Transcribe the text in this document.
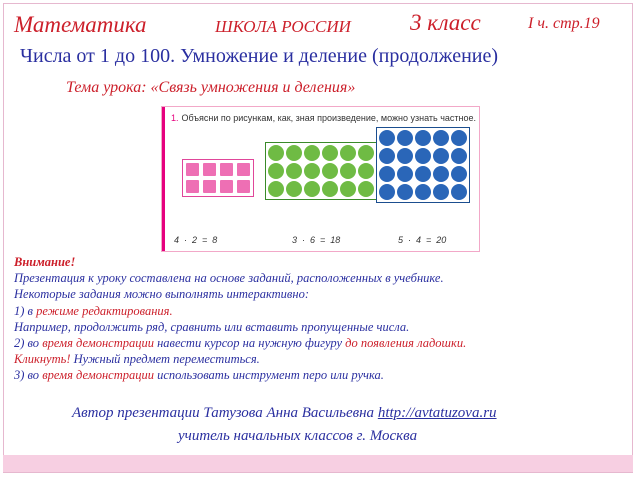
Математика	ШКОЛА РОССИИ	3 класс	I ч. стр.19
Числа от 1 до 100. Умножение и деление (продолжение)
Тема урока: «Связь умножения и деления»
1. Объясни по рисункам, как, зная произведение, можно узнать частное.

4  ·  2  =  8

	3  ·  6  =  18

	5  ·  4  =  20

Внимание!
Презентация к уроку составлена на основе заданий, расположенных в учебнике.
Некоторые задания можно выполнять интерактивно:
1) в режиме редактирования.
Например, продолжить ряд, сравнить или вставить пропущенные числа.
2) во время демонстрации навести курсор на нужную фигуру до появления ладошки.
Кликнуть! Нужный предмет переместиться.
3) во время демонстрации использовать инструмент перо или ручка.
Автор презентации Татузова Анна Васильевна http://avtatuzova.ru
учитель начальных классов г. Москва
